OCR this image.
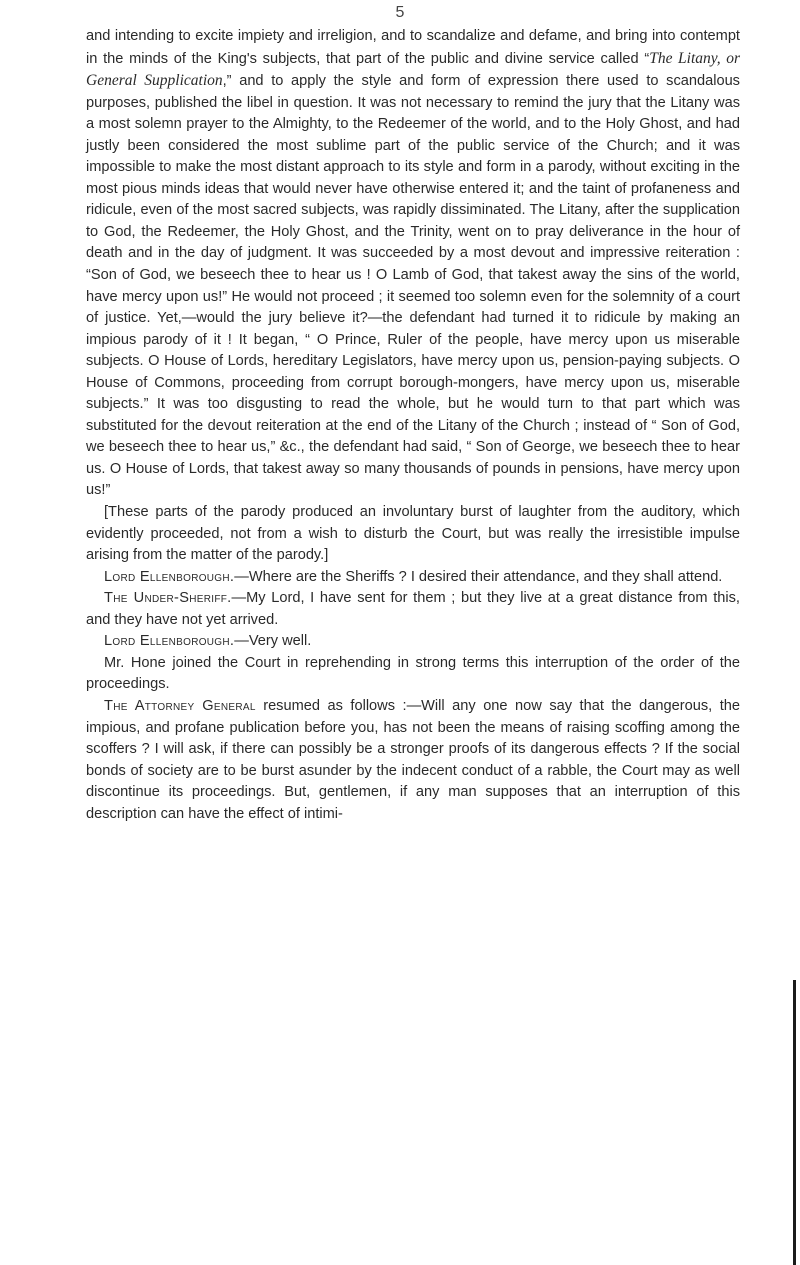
5

and intending to excite impiety and irreligion, and to scandalize and defame, and bring into contempt in the minds of the King's subjects, that part of the public and divine service called “The Litany, or General Supplication,” and to apply the style and form of expression there used to scandalous purposes, published the libel in question. It was not necessary to remind the jury that the Litany was a most solemn prayer to the Almighty, to the Redeemer of the world, and to the Holy Ghost, and had justly been considered the most sublime part of the public service of the Church; and it was impossible to make the most distant approach to its style and form in a parody, without exciting in the most pious minds ideas that would never have otherwise entered it; and the taint of profaneness and ridicule, even of the most sacred subjects, was rapidly dissiminated. The Litany, after the supplication to God, the Redeemer, the Holy Ghost, and the Trinity, went on to pray deliverance in the hour of death and in the day of judgment. It was succeeded by a most devout and impressive reiteration : “Son of God, we beseech thee to hear us ! O Lamb of God, that takest away the sins of the world, have mercy upon us!” He would not proceed ; it seemed too solemn even for the solemnity of a court of justice. Yet,—would the jury believe it?—the defendant had turned it to ridicule by making an impious parody of it ! It began, “ O Prince, Ruler of the people, have mercy upon us miserable subjects. O House of Lords, hereditary Legislators, have mercy upon us, pension-paying subjects. O House of Commons, proceeding from corrupt borough-mongers, have mercy upon us, miserable subjects.” It was too disgusting to read the whole, but he would turn to that part which was substituted for the devout reiteration at the end of the Litany of the Church ; instead of “ Son of God, we beseech thee to hear us,” &c., the defendant had said, “ Son of George, we beseech thee to hear us. O House of Lords, that takest away so many thousands of pounds in pensions, have mercy upon us!”

[These parts of the parody produced an involuntary burst of laughter from the auditory, which evidently proceeded, not from a wish to disturb the Court, but was really the irresistible impulse arising from the matter of the parody.]

Lord Ellenborough.—Where are the Sheriffs ? I desired their attendance, and they shall attend.

The Under-Sheriff.—My Lord, I have sent for them ; but they live at a great distance from this, and they have not yet arrived.

Lord Ellenborough.—Very well.

Mr. Hone joined the Court in reprehending in strong terms this interruption of the order of the proceedings.

The Attorney General resumed as follows :—Will any one now say that the dangerous, the impious, and profane publication before you, has not been the means of raising scoffing among the scoffers ? I will ask, if there can possibly be a stronger proofs of its dangerous effects ? If the social bonds of society are to be burst asunder by the indecent conduct of a rabble, the Court may as well discontinue its proceedings. But, gentlemen, if any man supposes that an interruption of this description can have the effect of intimi-
